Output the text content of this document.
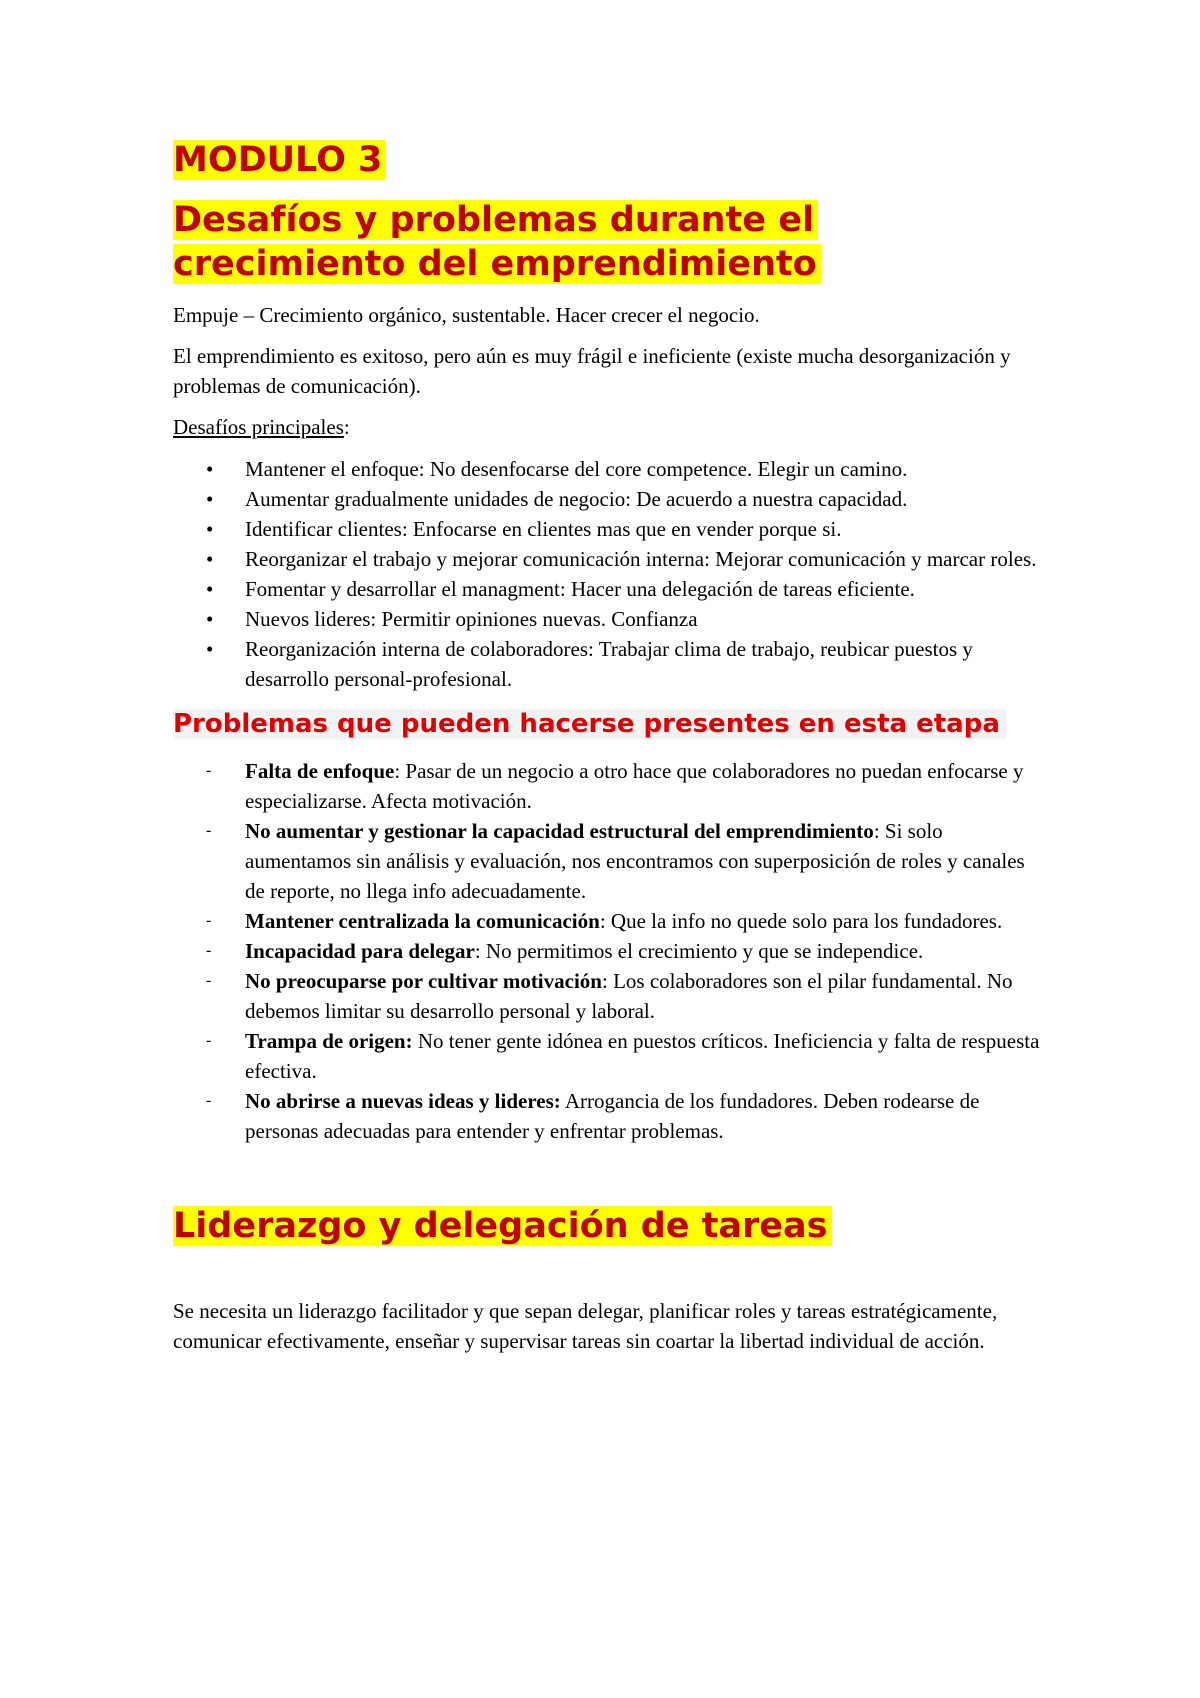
MODULO 3
Desafíos y problemas durante el crecimiento del emprendimiento

Empuje – Crecimiento orgánico, sustentable. Hacer crecer el negocio.

El emprendimiento es exitoso, pero aún es muy frágil e ineficiente (existe mucha desorganización y problemas de comunicación).

Desafíos principales:

• Mantener el enfoque: No desenfocarse del core competence. Elegir un camino.
• Aumentar gradualmente unidades de negocio: De acuerdo a nuestra capacidad.
• Identificar clientes: Enfocarse en clientes mas que en vender porque si.
• Reorganizar el trabajo y mejorar comunicación interna: Mejorar comunicación y marcar roles.
• Fomentar y desarrollar el managment: Hacer una delegación de tareas eficiente.
• Nuevos lideres: Permitir opiniones nuevas. Confianza
• Reorganización interna de colaboradores: Trabajar clima de trabajo, reubicar puestos y desarrollo personal-profesional.
Problemas que pueden hacerse presentes en esta etapa
- Falta de enfoque: Pasar de un negocio a otro hace que colaboradores no puedan enfocarse y especializarse. Afecta motivación.
- No aumentar y gestionar la capacidad estructural del emprendimiento: Si solo aumentamos sin análisis y evaluación, nos encontramos con superposición de roles y canales de reporte, no llega info adecuadamente.
- Mantener centralizada la comunicación: Que la info no quede solo para los fundadores.
- Incapacidad para delegar: No permitimos el crecimiento y que se independice.
- No preocuparse por cultivar motivación: Los colaboradores son el pilar fundamental. No debemos limitar su desarrollo personal y laboral.
- Trampa de origen: No tener gente idónea en puestos críticos. Ineficiencia y falta de respuesta efectiva.
- No abrirse a nuevas ideas y lideres: Arrogancia de los fundadores. Deben rodearse de personas adecuadas para entender y enfrentar problemas.
Liderazgo y delegación de tareas

Se necesita un liderazgo facilitador y que sepan delegar, planificar roles y tareas estratégicamente, comunicar efectivamente, enseñar y supervisar tareas sin coartar la libertad individual de acción.
